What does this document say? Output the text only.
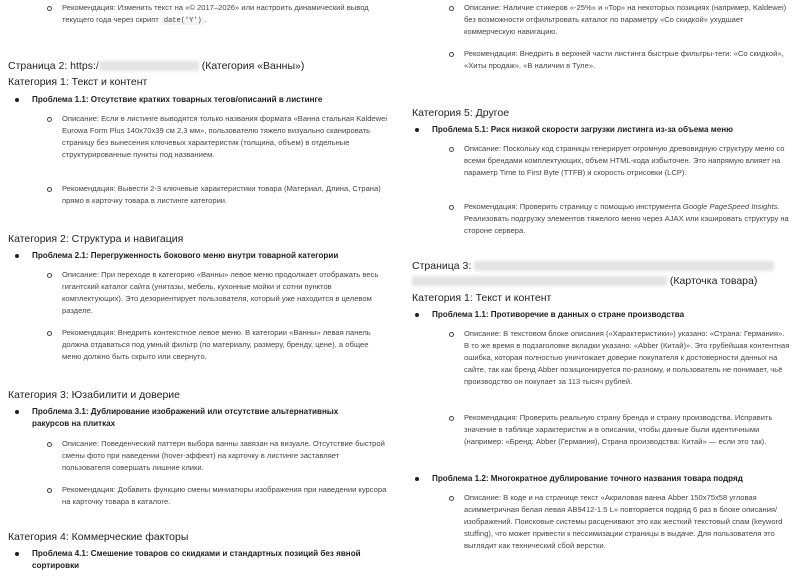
Рекомендация: Изменить текст на «© 2017–2026» или настроить динамический вывод текущего года через скрипт date('Y') .
Страница 2: https:/	(Категория «Ванны»)
Категория 1: Текст и контент
Проблема 1.1: Отсутствие кратких товарных тегов/описаний в листинге
Описание: Если в листинге выводятся только названия формата «Ванна стальная Kaldewei Eurowa Form Plus 140x70x39 см 2,3 мм», пользователю тяжело визуально сканировать страницу без вынесения ключевых характеристик (толщина, объем) в отдельные структурированные пункты под названием.
Рекомендация: Вывести 2-3 ключевые характеристики товара (Материал, Длина, Страна) прямо в карточку товара в листинге категории.
Категория 2: Структура и навигация
Проблема 2.1: Перегруженность бокового меню внутри товарной категории
Описание: При переходе в категорию «Ванны» левое меню продолжает отображать весь гигантский каталог сайта (унитазы, мебель, кухонные мойки и сотни пунктов комплектующих). Это дезориентирует пользователя, который уже находится в целевом разделе.
Рекомендация: Внедрить контекстное левое меню. В категории «Ванны» левая панель должна отдаваться под умный фильтр (по материалу, размеру, бренду, цене), а общее меню должно быть скрыто или свернуто.
Категория 3: Юзабилити и доверие
Проблема 3.1: Дублирование изображений или отсутствие альтернативных ракурсов на плитках
Описание: Поведенческий паттерн выбора ванны завязан на визуале. Отсутствие быстрой смены фото при наведении (hover-эффект) на карточку в листинге заставляет пользователя совершать лишние клики.
Рекомендация: Добавить функцию смены миниатюры изображения при наведении курсора на карточку товара в каталоге.
Категория 4: Коммерческие факторы
Проблема 4.1: Смешение товаров со скидками и стандартных позиций без явной сортировки
Описание: Наличие стикеров «-25%» и «Top» на некоторых позициях (например, Kaldewei) без возможности отфильтровать каталог по параметру «Со скидкой» ухудшает коммерческую навигацию.
Рекомендация: Внедрить в верхней части листинга быстрые фильтры-теги: «Со скидкой», «Хиты продаж», «В наличии в Туле».
Категория 5: Другое
Проблема 5.1: Риск низкой скорости загрузки листинга из-за объема меню
Описание: Поскольку код страницы генерирует огромную древовидную структуру меню со всеми брендами комплектующих, объем HTML-кода избыточен. Это напрямую влияет на параметр Time to First Byte (TTFB) и скорость отрисовки (LCP).
Рекомендация: Проверить страницу с помощью инструмента Google PageSpeed Insights. Реализовать подгрузку элементов тяжелого меню через AJAX или кэшировать структуру на стороне сервера.
Страница 3:
(Карточка товара)
Категория 1: Текст и контент
Проблема 1.1: Противоречие в данных о стране производства
Описание: В текстовом блоке описания («Характеристики») указано: «Страна: Германия». В то же время в подзаголовке вкладки указано: «Abber (Китай)». Это грубейшая контентная ошибка, которая полностью уничтожает доверие покупателя к достоверности данных на сайте, так как бренд Abber позиционируется по-разному, и пользователь не понимает, чьё производство он покупает за 113 тысяч рублей.
Рекомендация: Проверить реальную страну бренда и страну производства. Исправить значение в таблице характеристик и в описании, чтобы данные были идентичными (например: «Бренд: Abber (Германия), Страна производства: Китай» — если это так).
Проблема 1.2: Многократное дублирование точного названия товара подряд
Описание: В коде и на странице текст «Акриловая ванна Abber 150x75x58 угловая асимметричная белая левая AB9412-1.5 L» повторяется подряд 6 раз в блоке описания/изображений. Поисковые системы расценивают это как жесткий текстовый спам (keyword stuffing), что может привести к пессимизации страницы в выдаче. Для пользователя это выглядит как технический сбой верстки.
